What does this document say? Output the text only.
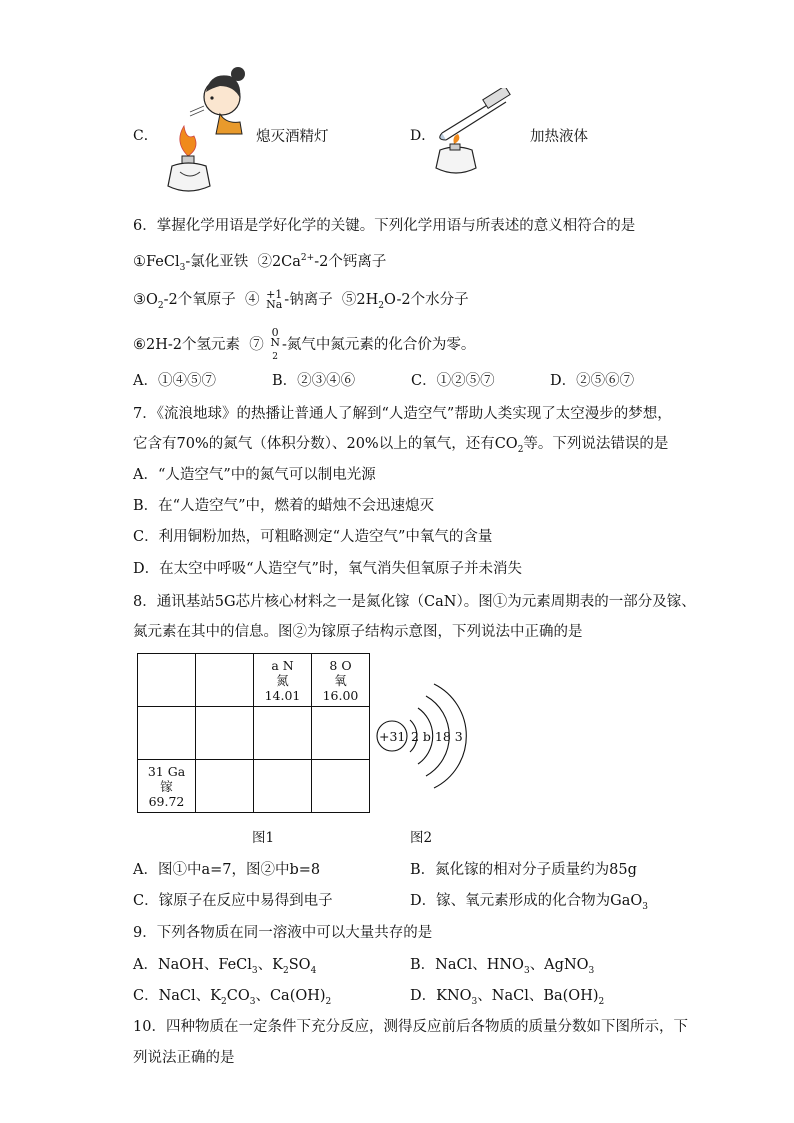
C．	熄灭酒精灯	D．	加热液体
6．掌握化学用语是学好化学的关键。下列化学用语与所表述的意义相符合的是
①FeCl$_3$-氯化亚铁 $②2Ca^{2+}-2$个钙离子
$③O_2-2$个氧原子 ④ +1
Na -钠离子 $⑤2H_2O-2$个水分子
⑥2H-2个氢元素 ⑦
0
N
$_2$
-氮气中氮元素的化合价为零。
A．①④⑤⑦	B．②③④⑥	C．①②⑤⑦	D．②⑤⑥⑦
7．《流浪地球》的热播让普通人了解到“人造空气”帮助人类实现了太空漫步的梦想，
它含有70%的氮气（体积分数）、20%以上的氧气，还有$CO_2$等。下列说法错误的是
A．“人造空气”中的氮气可以制电光源
B．在“人造空气”中，燃着的蜡烛不会迅速熄灭
C．利用铜粉加热，可粗略测定“人造空气”中氧气的含量
D．在太空中呼吸“人造空气”时，氧气消失但氧原子并未消失
8．通讯基站5G芯片核心材料之一是氮化镓（CaN）。图①为元素周期表的一部分及镓、
氮元素在其中的信息。图②为镓原子结构示意图，下列说法中正确的是

		a N
氮
14.01	8 O
氧
16.00

31 Ga
镓
69.72			

+31 2 b 18 3
图1	图2
A．图①中a=7，图②中b=8	B．氮化镓的相对分子质量约为85g
C．镓原子在反应中易得到电子	D．镓、氧元素形成的化合物为GaO$_3$
9．下列各物质在同一溶液中可以大量共存的是
A．NaOH、FeCl$_3$、$K_2SO_4$	B．NaCl、$HNO_3$、AgNO$_3$
C．NaCl、$K_2CO_3$、$Ca(OH)_2$	D．$KNO_3$、NaCl、$Ba(OH)_2$
10．四种物质在一定条件下充分反应，测得反应前后各物质的质量分数如下图所示，下
列说法正确的是
